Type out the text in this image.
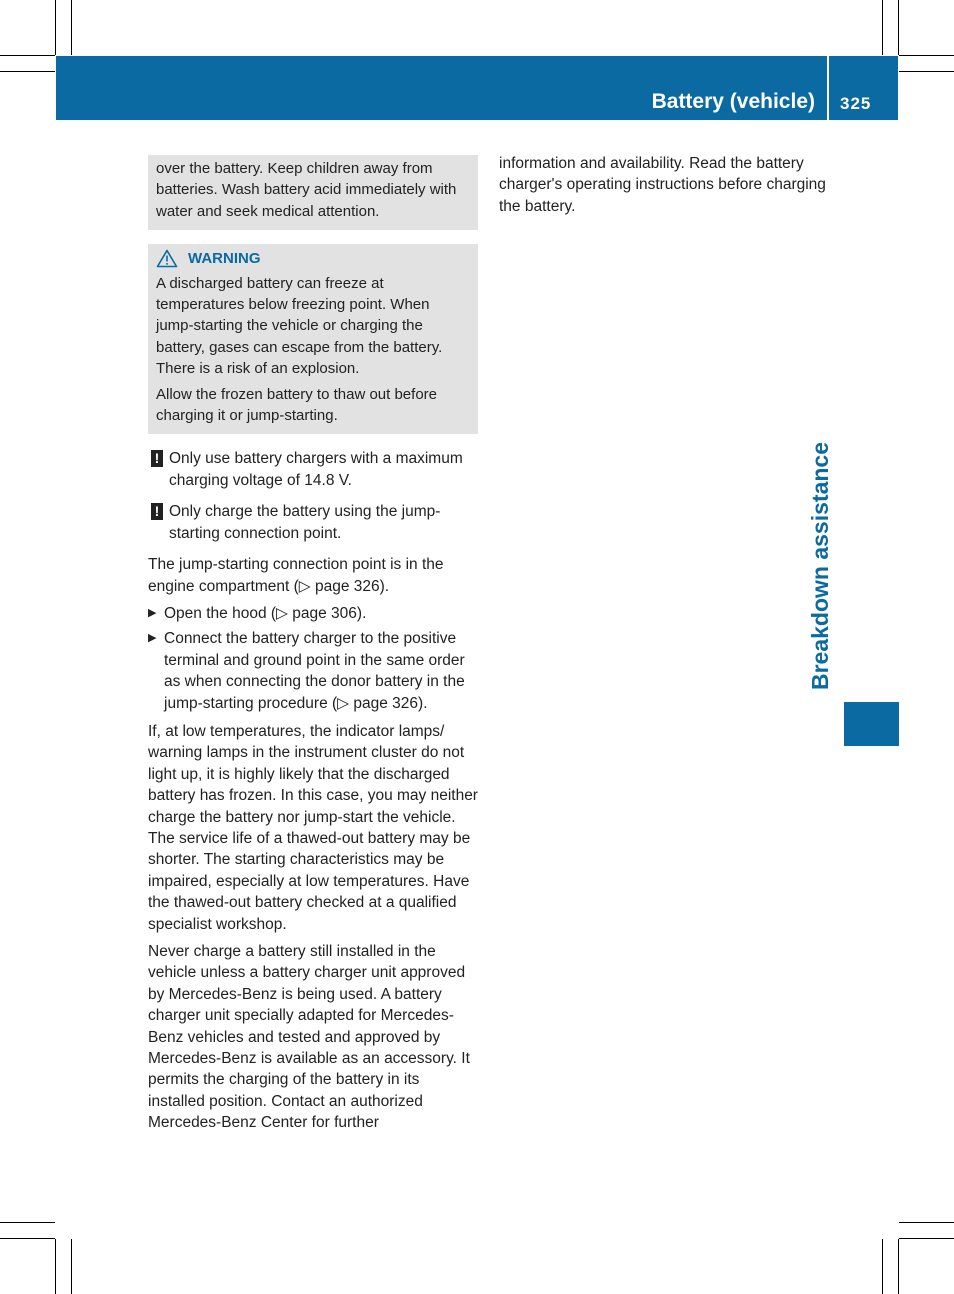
Battery (vehicle) 325
Breakdown assistance

over the battery. Keep children away from batteries. Wash battery acid immediately with water and seek medical attention.

WARNING

A discharged battery can freeze at temperatures below freezing point. When jump-starting the vehicle or charging the battery, gases can escape from the battery. There is a risk of an explosion.

Allow the frozen battery to thaw out before charging it or jump-starting.

! Only use battery chargers with a maximum charging voltage of 14.8 V.
! Only charge the battery using the jump-starting connection point.

The jump-starting connection point is in the engine compartment (▷ page 326).

▶ Open the hood (▷ page 306).
▶ Connect the battery charger to the positive terminal and ground point in the same order as when connecting the donor battery in the jump-starting procedure (▷ page 326).

If, at low temperatures, the indicator lamps/ warning lamps in the instrument cluster do not light up, it is highly likely that the discharged battery has frozen. In this case, you may neither charge the battery nor jump-start the vehicle. The service life of a thawed-out battery may be shorter. The starting characteristics may be impaired, especially at low temperatures. Have the thawed-out battery checked at a qualified specialist workshop.

Never charge a battery still installed in the vehicle unless a battery charger unit approved by Mercedes-Benz is being used. A battery charger unit specially adapted for Mercedes-Benz vehicles and tested and approved by Mercedes-Benz is available as an accessory. It permits the charging of the battery in its installed position. Contact an authorized Mercedes-Benz Center for further

information and availability. Read the battery charger's operating instructions before charging the battery.
